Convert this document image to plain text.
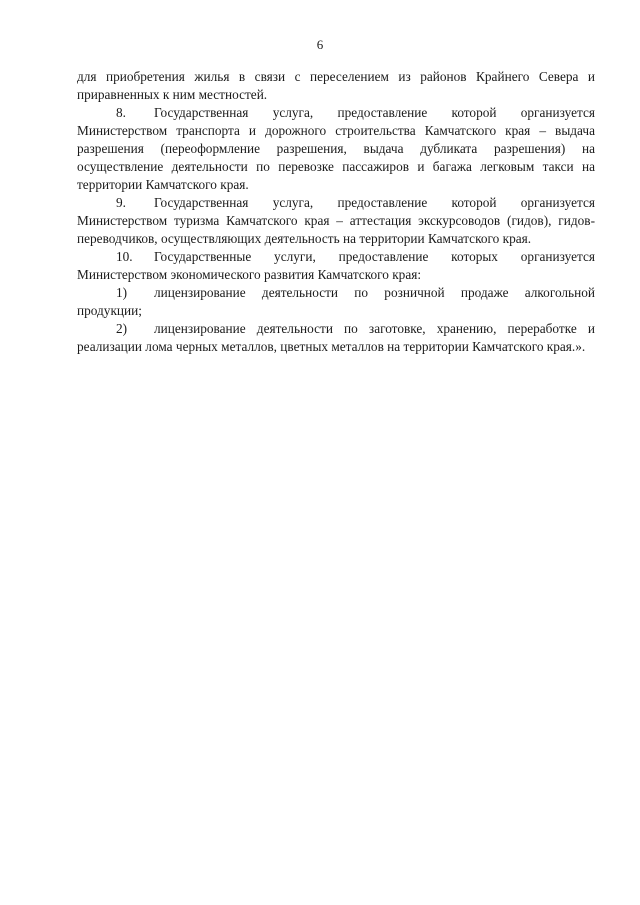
6

для приобретения жилья в связи с переселением из районов Крайнего Севера и приравненных к ним местностей.

8. Государственная услуга, предоставление которой организуется Министерством транспорта и дорожного строительства Камчатского края – выдача разрешения (переоформление разрешения, выдача дубликата разрешения) на осуществление деятельности по перевозке пассажиров и багажа легковым такси на территории Камчатского края.

9. Государственная услуга, предоставление которой организуется Министерством туризма Камчатского края – аттестация экскурсоводов (гидов), гидов-переводчиков, осуществляющих деятельность на территории Камчатского края.

10. Государственные услуги, предоставление которых организуется Министерством экономического развития Камчатского края:

1) лицензирование деятельности по розничной продаже алкогольной продукции;

2) лицензирование деятельности по заготовке, хранению, переработке и реализации лома черных металлов, цветных металлов на территории Камчатского края.».
